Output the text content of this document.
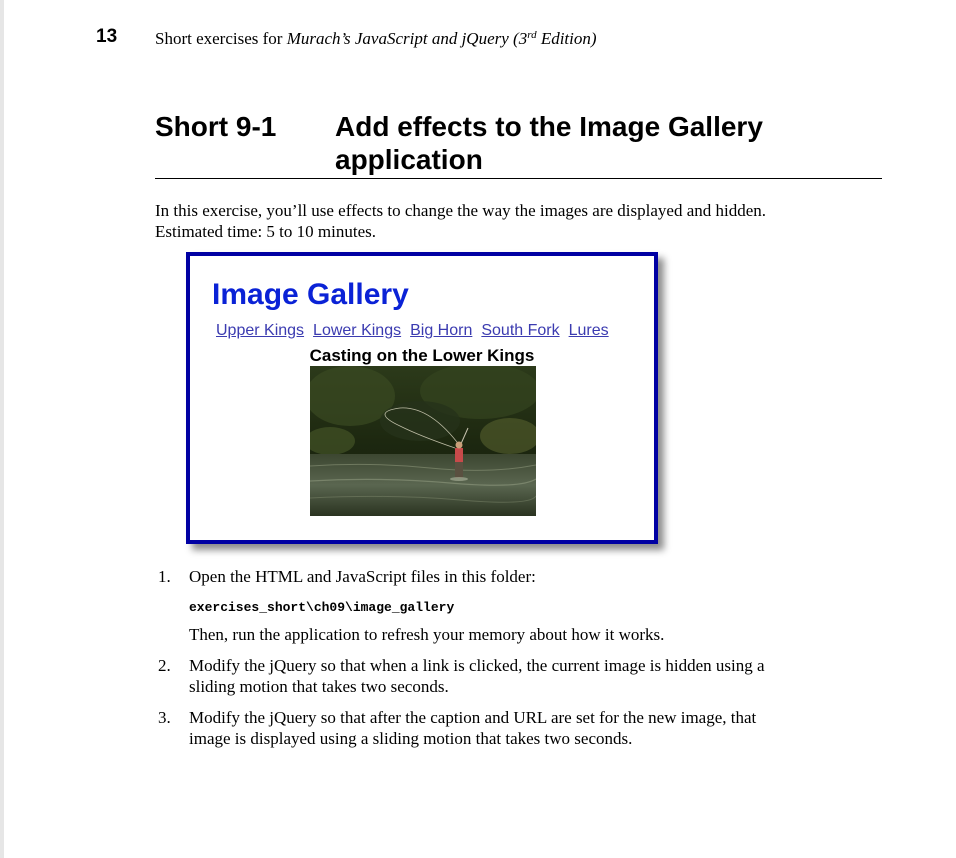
13 Short exercises for Murach’s JavaScript and jQuery (3rd Edition)
Short 9-1 Add effects to the Image Gallery application
In this exercise, you’ll use effects to change the way the images are displayed and hidden. Estimated time: 5 to 10 minutes.
Image Gallery
Upper Kings Lower Kings Big Horn South Fork Lures
Casting on the Lower Kings
1. Open the HTML and JavaScript files in this folder:

exercises_short\ch09\image_gallery

Then, run the application to refresh your memory about how it works.

2. Modify the jQuery so that when a link is clicked, the current image is hidden using a sliding motion that takes two seconds.

3. Modify the jQuery so that after the caption and URL are set for the new image, that image is displayed using a sliding motion that takes two seconds.
